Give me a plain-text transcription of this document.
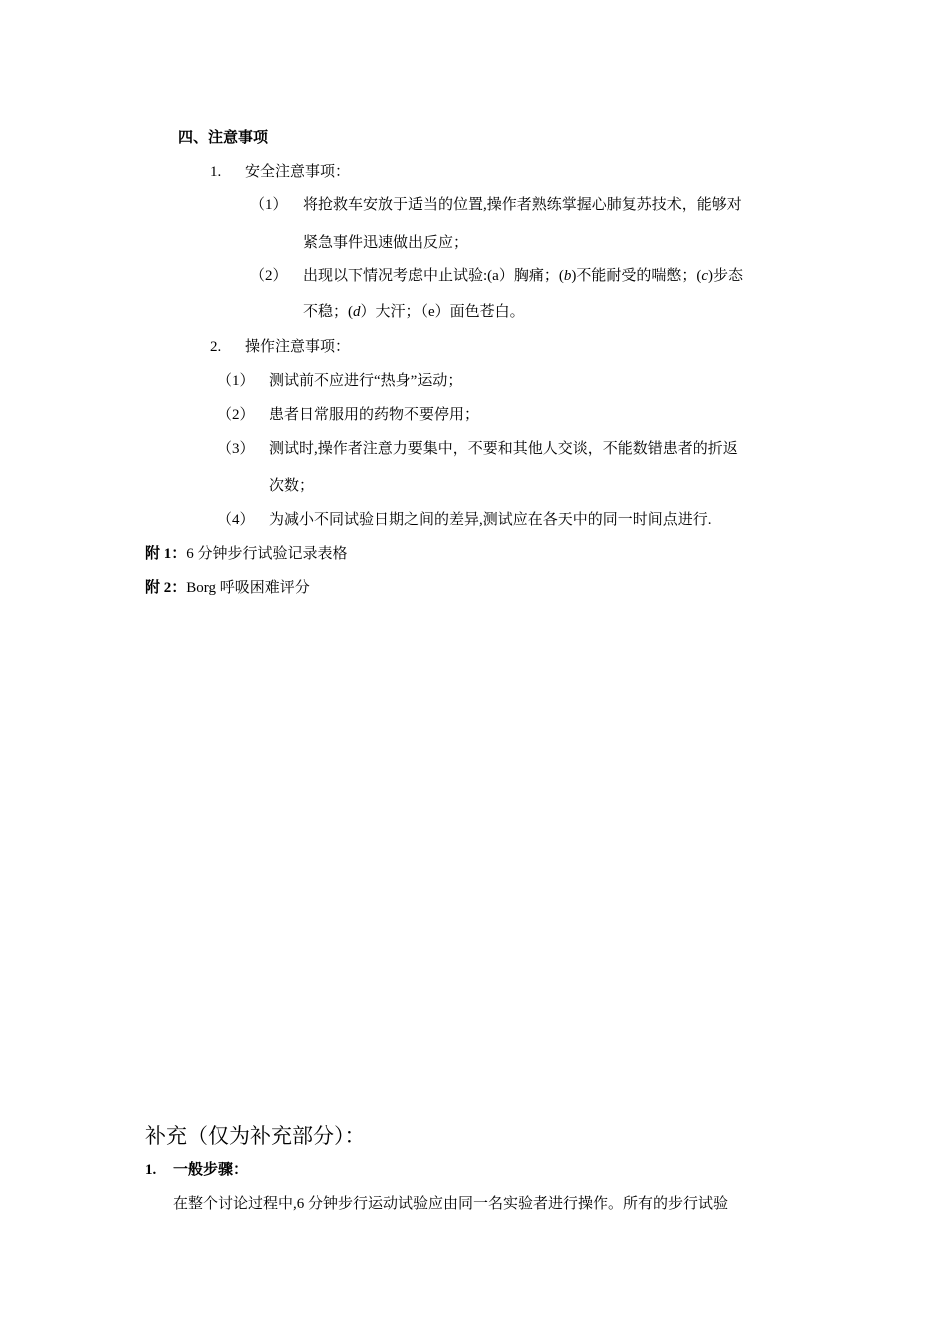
四、注意事项
1. 安全注意事项：
（1） 将抢救车安放于适当的位置,操作者熟练掌握心肺复苏技术，能够对
紧急事件迅速做出反应；
（2） 出现以下情况考虑中止试验:(a）胸痛；(b)不能耐受的喘憋；(c)步态
不稳；(d）大汗；（e）面色苍白。
2. 操作注意事项：
（1） 测试前不应进行“热身”运动；
（2） 患者日常服用的药物不要停用；
（3） 测试时,操作者注意力要集中，不要和其他人交谈，不能数错患者的折返
次数；
（4） 为减小不同试验日期之间的差异,测试应在各天中的同一时间点进行.
附 1：6 分钟步行试验记录表格
附 2：Borg 呼吸困难评分
补充（仅为补充部分）：
1. 一般步骤：
在整个讨论过程中,6 分钟步行运动试验应由同一名实验者进行操作。所有的步行试验
